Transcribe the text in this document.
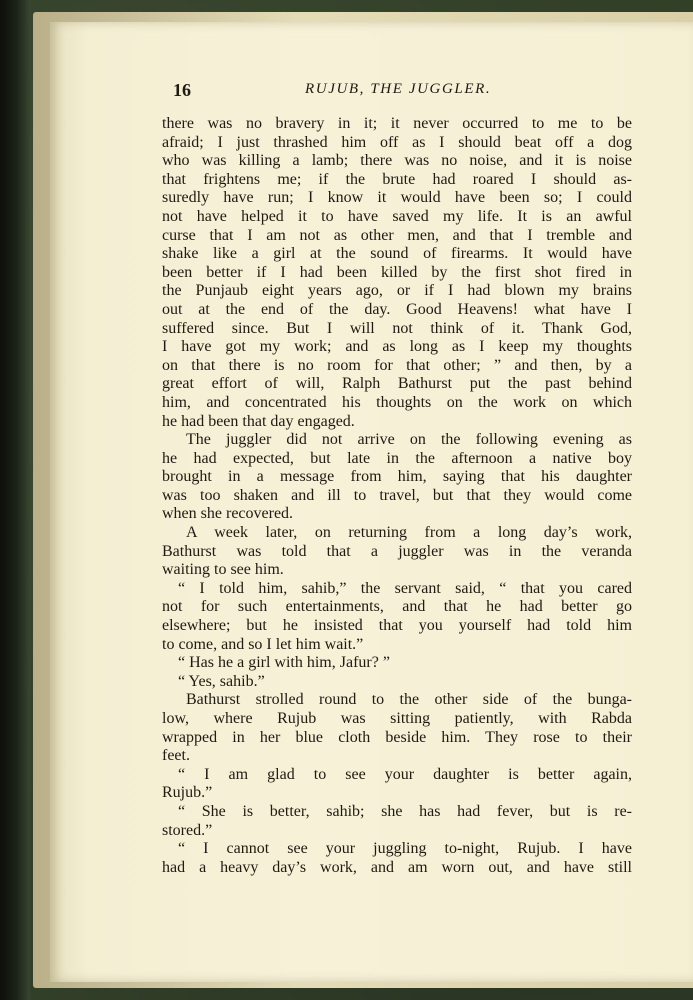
16	RUJUB, THE JUGGLER.
there was no bravery in it; it never occurred to me to be
afraid; I just thrashed him off as I should beat off a dog
who was killing a lamb; there was no noise, and it is noise
that frightens me; if the brute had roared I should as-
suredly have run; I know it would have been so; I could
not have helped it to have saved my life. It is an awful
curse that I am not as other men, and that I tremble and
shake like a girl at the sound of firearms. It would have
been better if I had been killed by the first shot fired in
the Punjaub eight years ago, or if I had blown my brains
out at the end of the day. Good Heavens! what have I
suffered since. But I will not think of it. Thank God,
I have got my work; and as long as I keep my thoughts
on that there is no room for that other; ” and then, by a
great effort of will, Ralph Bathurst put the past behind
him, and concentrated his thoughts on the work on which
he had been that day engaged.
The juggler did not arrive on the following evening as
he had expected, but late in the afternoon a native boy
brought in a message from him, saying that his daughter
was too shaken and ill to travel, but that they would come
when she recovered.
A week later, on returning from a long day’s work,
Bathurst was told that a juggler was in the veranda
waiting to see him.
“ I told him, sahib,” the servant said, “ that you cared
not for such entertainments, and that he had better go
elsewhere; but he insisted that you yourself had told him
to come, and so I let him wait.”
“ Has he a girl with him, Jafur? ”
“ Yes, sahib.”
Bathurst strolled round to the other side of the bunga-
low, where Rujub was sitting patiently, with Rabda
wrapped in her blue cloth beside him. They rose to their
feet.
“ I am glad to see your daughter is better again,
Rujub.”
“ She is better, sahib; she has had fever, but is re-
stored.”
“ I cannot see your juggling to-night, Rujub. I have
had a heavy day’s work, and am worn out, and have still
